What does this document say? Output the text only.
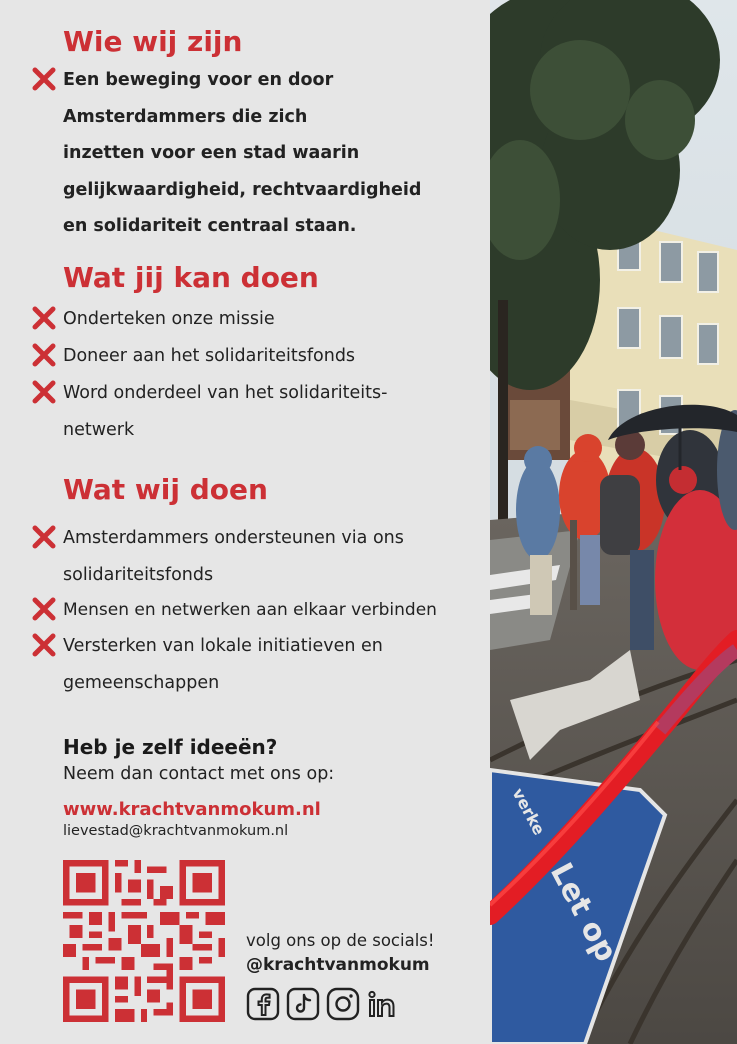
Wie wij zijn
Een beweging voor en door
Amsterdammers die zich
inzetten voor een stad waarin
gelijkwaardigheid, rechtvaardigheid
en solidariteit centraal staan.
Wat jij kan doen
Onderteken onze missie
Doneer aan het solidariteitsfonds
Word onderdeel van het solidariteits-
netwerk
Wat wij doen
Amsterdammers ondersteunen via ons
solidariteitsfonds
Mensen en netwerken aan elkaar verbinden
Versterken van lokale initiatieven en
gemeenschappen

Heb je zelf ideeën?

Neem dan contact met ons op:
www.krachtvanmokum.nl
lievestad@krachtvanmokum.nl
volg ons op de socials!
@krachtvanmokum	Let op
verke
